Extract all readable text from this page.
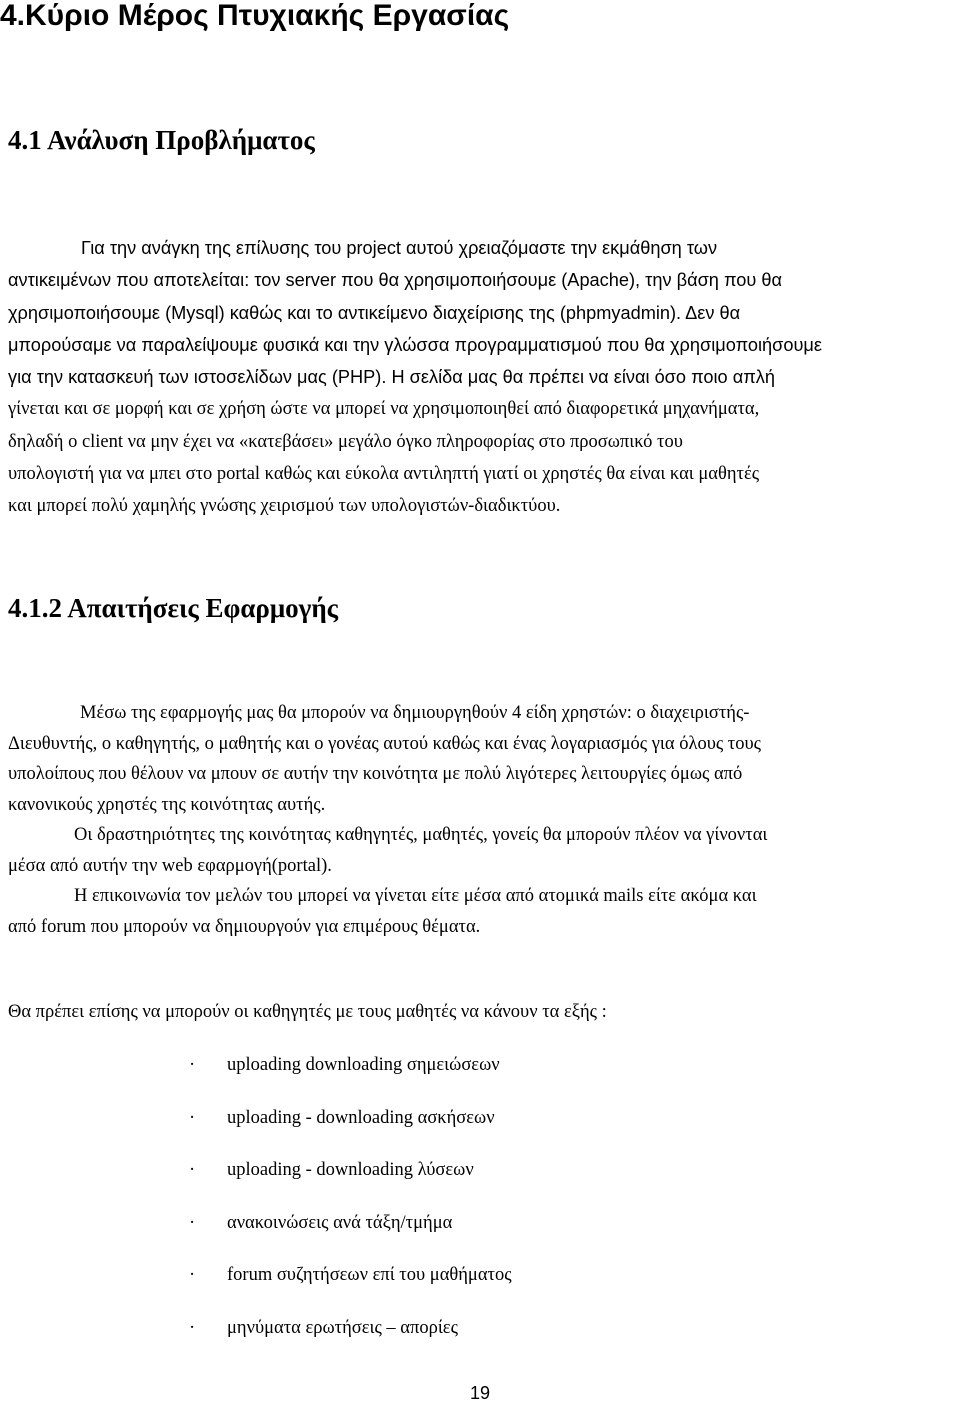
4.Κύριο Μέρος Πτυχιακής Εργασίας
4.1 Ανάλυση Προβλήματος
Για την ανάγκη της επίλυσης του project αυτού χρειαζόμαστε την εκμάθηση των
αντικειμένων που αποτελείται: τον server που θα χρησιμοποιήσουμε (Apache), την βάση που θα
χρησιμοποιήσουμε (Mysql) καθώς και το αντικείμενο διαχείρισης της (phpmyadmin). Δεν θα
μπορούσαμε να παραλείψουμε φυσικά και την γλώσσα προγραμματισμού που θα χρησιμοποιήσουμε
για την κατασκευή των ιστοσελίδων μας (PHP). Η σελίδα μας θα πρέπει να είναι όσο ποιο απλή
γίνεται και σε μορφή και σε χρήση ώστε να μπορεί να χρησιμοποιηθεί από διαφορετικά μηχανήματα,
δηλαδή ο client να μην έχει να «κατεβάσει» μεγάλο όγκο πληροφορίας στο προσωπικό του
υπολογιστή για να μπει στο portal καθώς και εύκολα αντιληπτή γιατί οι χρηστές θα είναι και μαθητές
και μπορεί πολύ χαμηλής γνώσης χειρισμού των υπολογιστών-διαδικτύου.
4.1.2 Απαιτήσεις Εφαρμογής
Μέσω της εφαρμογής μας θα μπορούν να δημιουργηθούν 4 είδη χρηστών: ο διαχειριστής-
Διευθυντής, ο καθηγητής, ο μαθητής και ο γονέας αυτού καθώς και ένας λογαριασμός για όλους τους
υπολοίπους που θέλουν να μπουν σε αυτήν την κοινότητα με πολύ λιγότερες λειτουργίες όμως από
κανονικούς χρηστές της κοινότητας αυτής.
Οι δραστηριότητες της κοινότητας καθηγητές, μαθητές, γονείς θα μπορούν πλέον να γίνονται
μέσα από αυτήν την web εφαρμογή(portal).
Η επικοινωνία τον μελών του μπορεί να γίνεται είτε μέσα από ατομικά mails είτε ακόμα και
από forum που μπορούν να δημιουργούν για επιμέρους θέματα.

Θα πρέπει επίσης να μπορούν οι καθηγητές με τους μαθητές να κάνουν τα εξής :

· uploading downloading σημειώσεων
· uploading - downloading ασκήσεων
· uploading - downloading λύσεων
· ανακοινώσεις ανά τάξη/τμήμα
· forum συζητήσεων επί του μαθήματος
· μηνύματα ερωτήσεις – απορίες
19
